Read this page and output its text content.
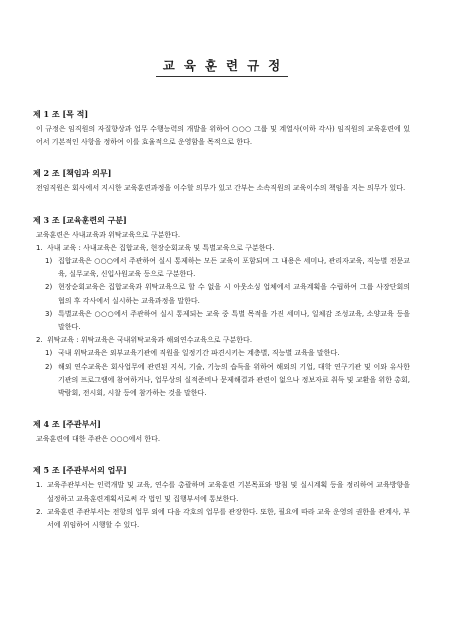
교육훈련규정
제 1 조 [목 적]
이 규정은 임직원의 자질향상과 업무 수행능력의 개발을 위하여 ○○○ 그룹 및 계열사(이하 각사) 임직원의 교육훈련에 있어서 기본적인 사항을 정하여 이를 효율적으로 운영함을 목적으로 한다.
제 2 조 [책임과 의무]
전임직원은 회사에서 지시한 교육훈련과정을 이수할 의무가 있고 간부는 소속직원의 교육이수의 책임을 지는 의무가 있다.
제 3 조 [교육훈련의 구분]
교육훈련은 사내교육과 위탁교육으로 구분한다.
1. 사내 교육 : 사내교육은 집합교육, 현장순회교육 및 특별교육으로 구분한다.
1) 집합교육은 ○○○에서 주관하여 실시 통제하는 모든 교육이 포함되며 그 내용은 세미나, 관리자교육, 직능별 전문교육, 실무교육, 신입사원교육 등으로 구분한다.
2) 현장순회교육은 집합교육과 위탁교육으로 할 수 없을 시 아웃소싱 업체에서 교육계획을 수립하여 그룹 사장단회의 협의 후 각사에서 실시하는 교육과정을 말한다.
3) 특별교육은 ○○○에서 주관하여 실시 통제되는 교육 중 특별 목적을 가진 세미나, 일체감 조성교육, 소양교육 등을 말한다.
2. 위탁교육 : 위탁교육은 국내위탁교육과 해외연수교육으로 구분한다.
1) 국내 위탁교육은 외부교육기관에 직원을 일정기간 파견시키는 계층별, 직능별 교육을 말한다.
2) 해외 연수교육은 회사업무에 관련된 지식, 기술, 기능의 습득을 위하여 해외의 기업, 대학 연구기관 및 이와 유사한 기관의 프로그램에 참여하거나, 업무상의 실적준비나 문제해결과 관련이 없으나 정보자료 취득 및 교환을 위한 총회, 박람회, 전시회, 시찰 등에 참가하는 것을 말한다.
제 4 조 [주관부서]
교육훈련에 대한 주관은 ○○○에서 한다.
제 5 조 [주관부서의 업무]
1. 교육주관부서는 인력개발 및 교육, 연수를 총괄하며 교육훈련 기본목표와 방침 및 실시계획 등을 정리하여 교육방향을 설정하고 교육훈련계획서로써 각 법인 및 집행부서에 통보한다.
2. 교육훈련 주관부서는 전항의 업무 외에 다음 각호의 업무를 관장한다. 또한, 필요에 따라 교육 운영의 권한을 관계사, 부서에 위임하여 시행할 수 있다.
